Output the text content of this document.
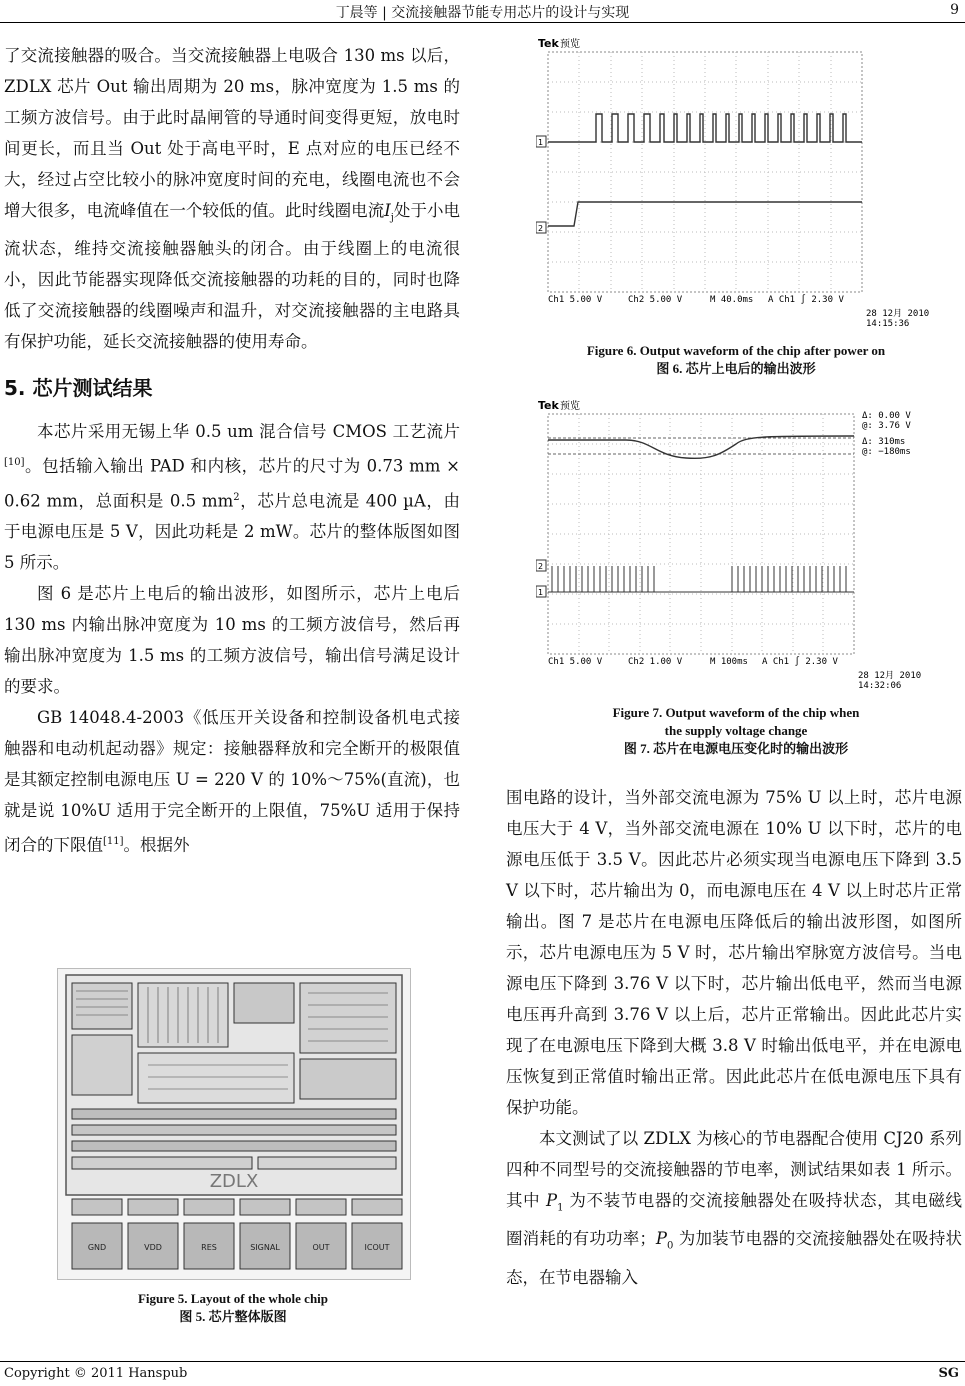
丁晨等 | 交流接触器节能专用芯片的设计与实现	9

了交流接触器的吸合。当交流接触器上电吸合 130 ms 以后，ZDLX 芯片 Out 输出周期为 20 ms，脉冲宽度为 1.5 ms 的工频方波信号。由于此时晶闸管的导通时间变得更短，放电时间更长，而且当 Out 处于高电平时，E 点对应的电压已经不大，经过占空比较小的脉冲宽度时间的充电，线圈电流也不会增大很多，电流峰值在一个较低的值。此时线圈电流$I_j$处于小电流状态，维持交流接触器触头的闭合。由于线圈上的电流很小，因此节能器实现降低交流接触器的功耗的目的，同时也降低了交流接触器的线圈噪声和温升，对交流接触器的主电路具有保护功能，延长交流接触器的使用寿命。

5. 芯片测试结果

本芯片采用无锡上华 0.5 um 混合信号 CMOS 工艺流片[10]。包括输入输出 PAD 和内核，芯片的尺寸为 0.73 mm × 0.62 mm，总面积是 0.5 $mm^2$，芯片总电流是 400 µA，由于电源电压是 5 V，因此功耗是 2 mW。芯片的整体版图如图 5 所示。

图 6 是芯片上电后的输出波形，如图所示，芯片上电后 130 ms 内输出脉冲宽度为 10 ms 的工频方波信号，然后再输出脉冲宽度为 1.5 ms 的工频方波信号，输出信号满足设计的要求。

GB 14048.4-2003《低压开关设备和控制设备机电式接触器和电动机起动器》规定：接触器释放和完全断开的极限值是其额定控制电源电压 U = 220 V 的 10%～75%(直流)，也就是说 10%U 适用于完全断开的上限值，75%U 适用于保持闭合的下限值[11]。根据外

ZDLX
GND	VDD	RES	SIGNAL	OUT	ICOUT
Figure 5. Layout of the whole chip
图 5. 芯片整体版图
Tek 预览
1
2
Ch1 5.00 V	Ch2 5.00 V	M 40.0ms A Ch1 ∫ 2.30 V
28 12月 2010
14:15:36
Figure 6. Output waveform of the chip after power on
图 6. 芯片上电后的输出波形
Tek 预览
2
1
Δ: 0.00 V
@: 3.76 V
Δ: 310ms
@: −180ms
Ch1 5.00 V	Ch2 1.00 V	M 100ms A Ch1 ∫ 2.30 V
28 12月 2010
14:32:06
Figure 7. Output waveform of the chip when
the supply voltage change
图 7. 芯片在电源电压变化时的输出波形

围电路的设计，当外部交流电源为 75% U 以上时，芯片电源电压大于 4 V，当外部交流电源在 10% U 以下时，芯片的电源电压低于 3.5 V。因此芯片必须实现当电源电压下降到 3.5 V 以下时，芯片输出为 0，而电源电压在 4 V 以上时芯片正常输出。图 7 是芯片在电源电压降低后的输出波形图，如图所示，芯片电源电压为 5 V 时，芯片输出窄脉宽方波信号。当电源电压下降到 3.76 V 以下时，芯片输出低电平，然而当电源电压再升高到 3.76 V 以上后，芯片正常输出。因此此芯片实现了在电源电压下降到大概 3.8 V 时输出低电平，并在电源电压恢复到正常值时输出正常。因此此芯片在低电源电压下具有保护功能。

本文测试了以 ZDLX 为核心的节电器配合使用 CJ20 系列四种不同型号的交流接触器的节电率，测试结果如表 1 所示。其中 $P_1$ 为不装节电器的交流接触器处在吸持状态，其电磁线圈消耗的有功功率；$P_0$ 为加装节电器的交流接触器处在吸持状态，在节电器输入

Copyright © 2011 Hanspub	SG
